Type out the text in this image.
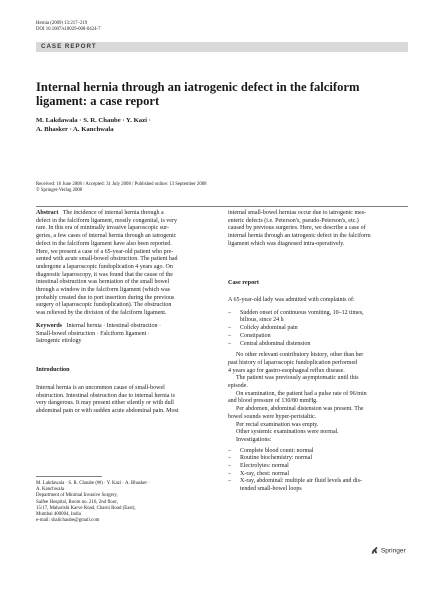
Hernia (2009) 13:217–219
DOI 10.1007/s10029-008-0424-7
CASE REPORT
Internal hernia through an iatrogenic defect in the falciform
ligament: a case report
M. Lakdawala · S. R. Chaube · Y. Kazi ·
A. Bhasker · A. Kanchwala
Received: 16 June 2008 / Accepted: 31 July 2008 / Published online: 13 September 2008
© Springer-Verlag 2008

Abstract The incidence of internal hernia through a

defect in the falciform ligament, mostly congenital, is very

rare. In this era of minimally invasive laparoscopic sur-

geries, a few cases of internal hernia through an iatrogenic

defect in the falciform ligament have also been reported.

Here, we present a case of a 65-year-old patient who pre-

sented with acute small-bowel obstruction. The patient had

undergone a laparoscopic fundoplication 4 years ago. On

diagnostic laparoscopy, it was found that the cause of the

intestinal obstruction was herniation of the small bowel

through a window in the falciform ligament (which was

probably created due to port insertion during the previous

surgery of laparoscopic fundoplication). The obstruction

was relieved by the division of the falciform ligament.

Keywords Internal hernia · Intestinal obstruction ·

Small-bowel obstruction · Falciform ligament ·

Iatrogenic etiology

Introduction

Internal hernia is an uncommon cause of small-bowel

obstruction. Intestinal obstruction due to internal hernia is

very dangerous. It may present either silently or with dull

abdominal pain or with sudden acute abdominal pain. Most

M. Lakdawala · S. R. Chaube (✉) · Y. Kazi · A. Bhasker ·
A. Kanchwala
Department of Minimal Invasive Surgery,
Saifee Hospital, Room no. 216, 2nd floor,
15/17, Maharishi Karve Road, Charni Road (East),
Mumbai 400004, India
e-mail: shalichaube@gmail.com

internal small-bowel hernias occur due to iatrogenic mes-

enteric defects (i.e. Peterson's, pseudo-Peterson's, etc.)

caused by previous surgeries. Here, we describe a case of

internal hernia through an iatrogenic defect in the falciform

ligament which was diagnosed intra-operatively.

Case report

A 65-year-old lady was admitted with complaints of:

– Sudden onset of continuous vomiting, 10–12 times,
bilious, since 24 h

– Colicky abdominal pain

– Constipation

– Central abdominal distension

No other relevant contributory history, other than her

past history of laparoscopic fundoplication performed

4 years ago for gastro-esophageal reflux disease.

The patient was previously asymptomatic until this

episode.

On examination, the patient had a pulse rate of 96/min

and blood pressure of 130/80 mmHg.

Per abdomen, abdominal distension was present. The

bowel sounds were hyper-peristaltic.

Per rectal examination was empty.

Other systemic examinations were normal.

Investigations:

– Complete blood count: normal

– Routine biochemistry: normal

– Electrolytes: normal

– X-ray, chest: normal

– X-ray, abdominal: multiple air fluid levels and dis-
tended small-bowel loops

Springer
